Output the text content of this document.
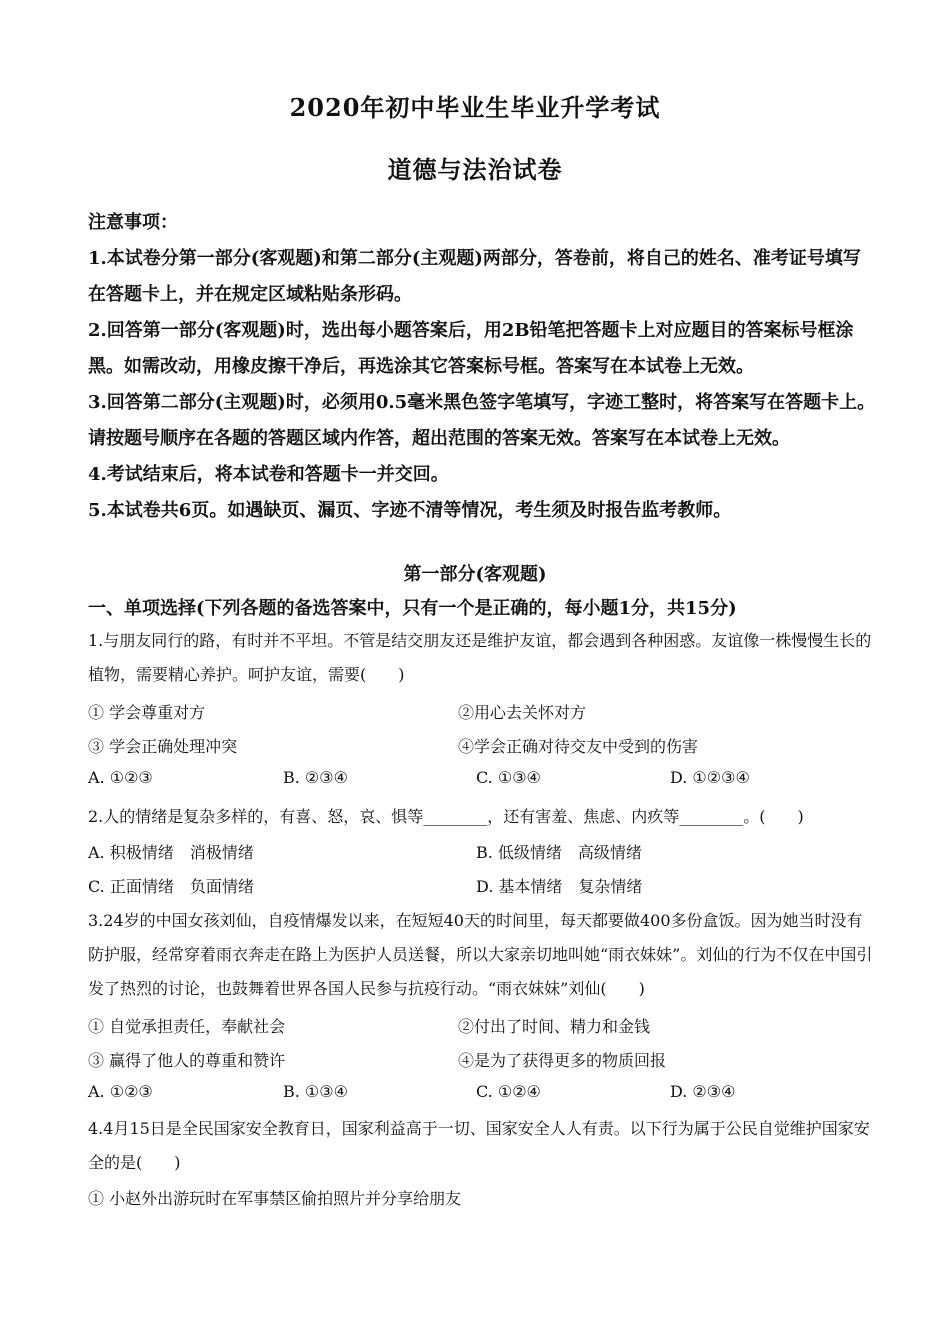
2020年初中毕业生毕业升学考试
道德与法治试卷

注意事项：

1.本试卷分第一部分(客观题)和第二部分(主观题)两部分，答卷前，将自己的姓名、准考证号填写在答题卡上，并在规定区域粘贴条形码。

2.回答第一部分(客观题)时，选出每小题答案后，用2B铅笔把答题卡上对应题目的答案标号框涂黑。如需改动，用橡皮擦干净后，再选涂其它答案标号框。答案写在本试卷上无效。

3.回答第二部分(主观题)时，必须用0.5毫米黑色签字笔填写，字迹工整时，将答案写在答题卡上。请按题号顺序在各题的答题区域内作答，超出范围的答案无效。答案写在本试卷上无效。

4.考试结束后，将本试卷和答题卡一并交回。

5.本试卷共6页。如遇缺页、漏页、字迹不清等情况，考生须及时报告监考教师。

第一部分(客观题)
一、单项选择(下列各题的备选答案中，只有一个是正确的，每小题1分，共15分)

1.与朋友同行的路，有时并不平坦。不管是结交朋友还是维护友谊，都会遇到各种困惑。友谊像一株慢慢生长的植物，需要精心养护。呵护友谊，需要(　　)

① 学会尊重对方	②用心去关怀对方
③ 学会正确处理冲突	④学会正确对待交友中受到的伤害
A. ①②③	B. ②③④	C. ①③④	D. ①②③④

2.人的情绪是复杂多样的，有喜、怒，哀、惧等________，还有害羞、焦虑、内疚等________。(　　)

A. 积极情绪　消极情绪	B. 低级情绪　高级情绪
C. 正面情绪　负面情绪	D. 基本情绪　复杂情绪

3.24岁的中国女孩刘仙，自疫情爆发以来，在短短40天的时间里，每天都要做400多份盒饭。因为她当时没有防护服，经常穿着雨衣奔走在路上为医护人员送餐，所以大家亲切地叫她“雨衣妹妹”。刘仙的行为不仅在中国引发了热烈的讨论，也鼓舞着世界各国人民参与抗疫行动。“雨衣妹妹”刘仙(　　)

① 自觉承担责任，奉献社会	②付出了时间、精力和金钱
③ 赢得了他人的尊重和赞许	④是为了获得更多的物质回报
A. ①②③	B. ①③④	C. ①②④	D. ②③④

4.4月15日是全民国家安全教育日，国家利益高于一切、国家安全人人有责。以下行为属于公民自觉维护国家安全的是(　　)

① 小赵外出游玩时在军事禁区偷拍照片并分享给朋友
